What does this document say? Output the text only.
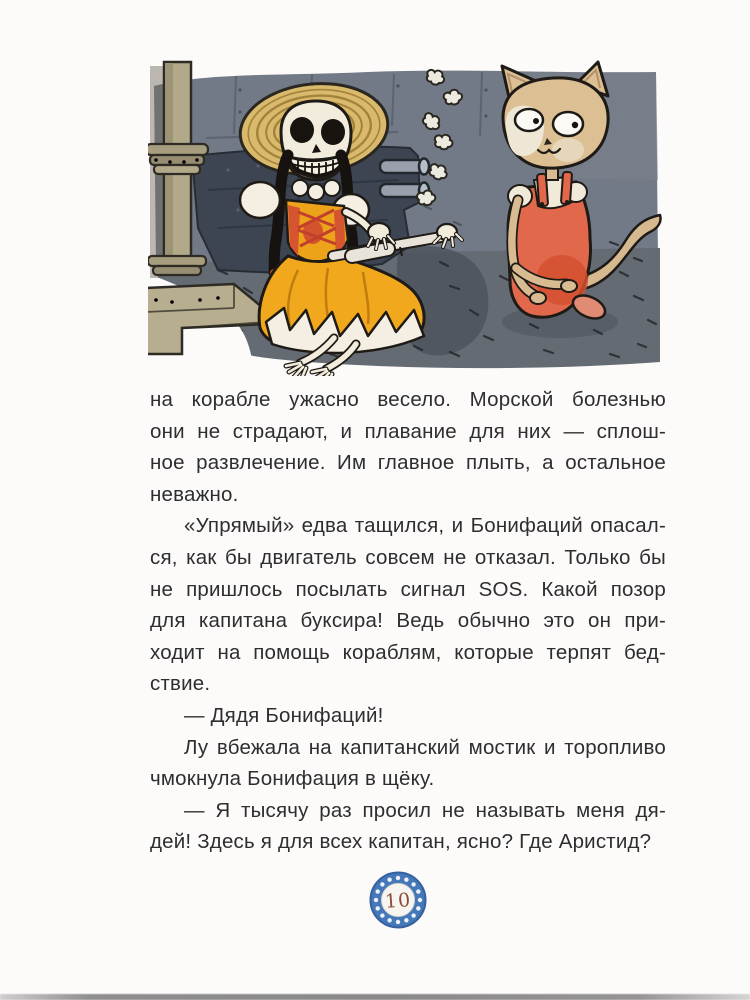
на корабле ужасно весело. Морской болезнью
они не страдают, и плавание для них — сплош-
ное развлечение. Им главное плыть, а остальное
неважно.
«Упрямый» едва тащился, и Бонифаций опасал-
ся, как бы двигатель совсем не отказал. Только бы
не пришлось посылать сигнал SOS. Какой позор
для капитана буксира! Ведь обычно это он при-
ходит на помощь кораблям, которые терпят бед-
ствие.
— Дядя Бонифаций!
Лу вбежала на капитанский мостик и торопливо
чмокнула Бонифация в щёку.
— Я тысячу раз просил не называть меня дя-
дей! Здесь я для всех капитан, ясно? Где Аристид?
10
